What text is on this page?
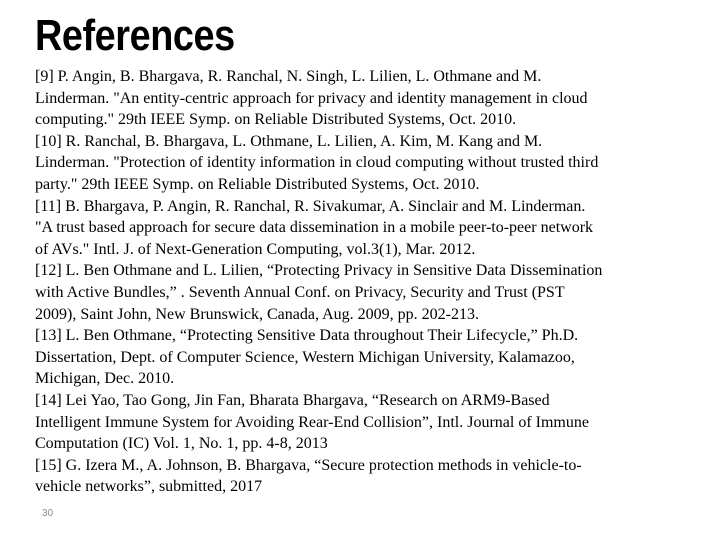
References
[9] P. Angin, B. Bhargava, R. Ranchal, N. Singh, L. Lilien, L. Othmane and M.
Linderman. "An entity-centric approach for privacy and identity management in cloud
computing." 29th IEEE Symp. on Reliable Distributed Systems, Oct. 2010.
[10] R. Ranchal, B. Bhargava, L. Othmane, L. Lilien, A. Kim, M. Kang and M.
Linderman. "Protection of identity information in cloud computing without trusted third
party." 29th IEEE Symp. on Reliable Distributed Systems, Oct. 2010.
[11] B. Bhargava, P. Angin, R. Ranchal, R. Sivakumar, A. Sinclair and M. Linderman.
"A trust based approach for secure data dissemination in a mobile peer-to-peer network
of AVs." Intl. J. of Next-Generation Computing, vol.3(1), Mar. 2012.
[12] L. Ben Othmane and L. Lilien, “Protecting Privacy in Sensitive Data Dissemination
with Active Bundles,” . Seventh Annual Conf. on Privacy, Security and Trust (PST
2009), Saint John, New Brunswick, Canada, Aug. 2009, pp. 202-213.
[13] L. Ben Othmane, “Protecting Sensitive Data throughout Their Lifecycle,” Ph.D.
Dissertation, Dept. of Computer Science, Western Michigan University, Kalamazoo,
Michigan, Dec. 2010.
[14] Lei Yao, Tao Gong, Jin Fan, Bharata Bhargava, “Research on ARM9-Based
Intelligent Immune System for Avoiding Rear-End Collision”, Intl. Journal of Immune
Computation (IC) Vol. 1, No. 1, pp. 4-8, 2013
[15] G. Izera M., A. Johnson, B. Bhargava, “Secure protection methods in vehicle-to-
vehicle networks”, submitted, 2017
30
